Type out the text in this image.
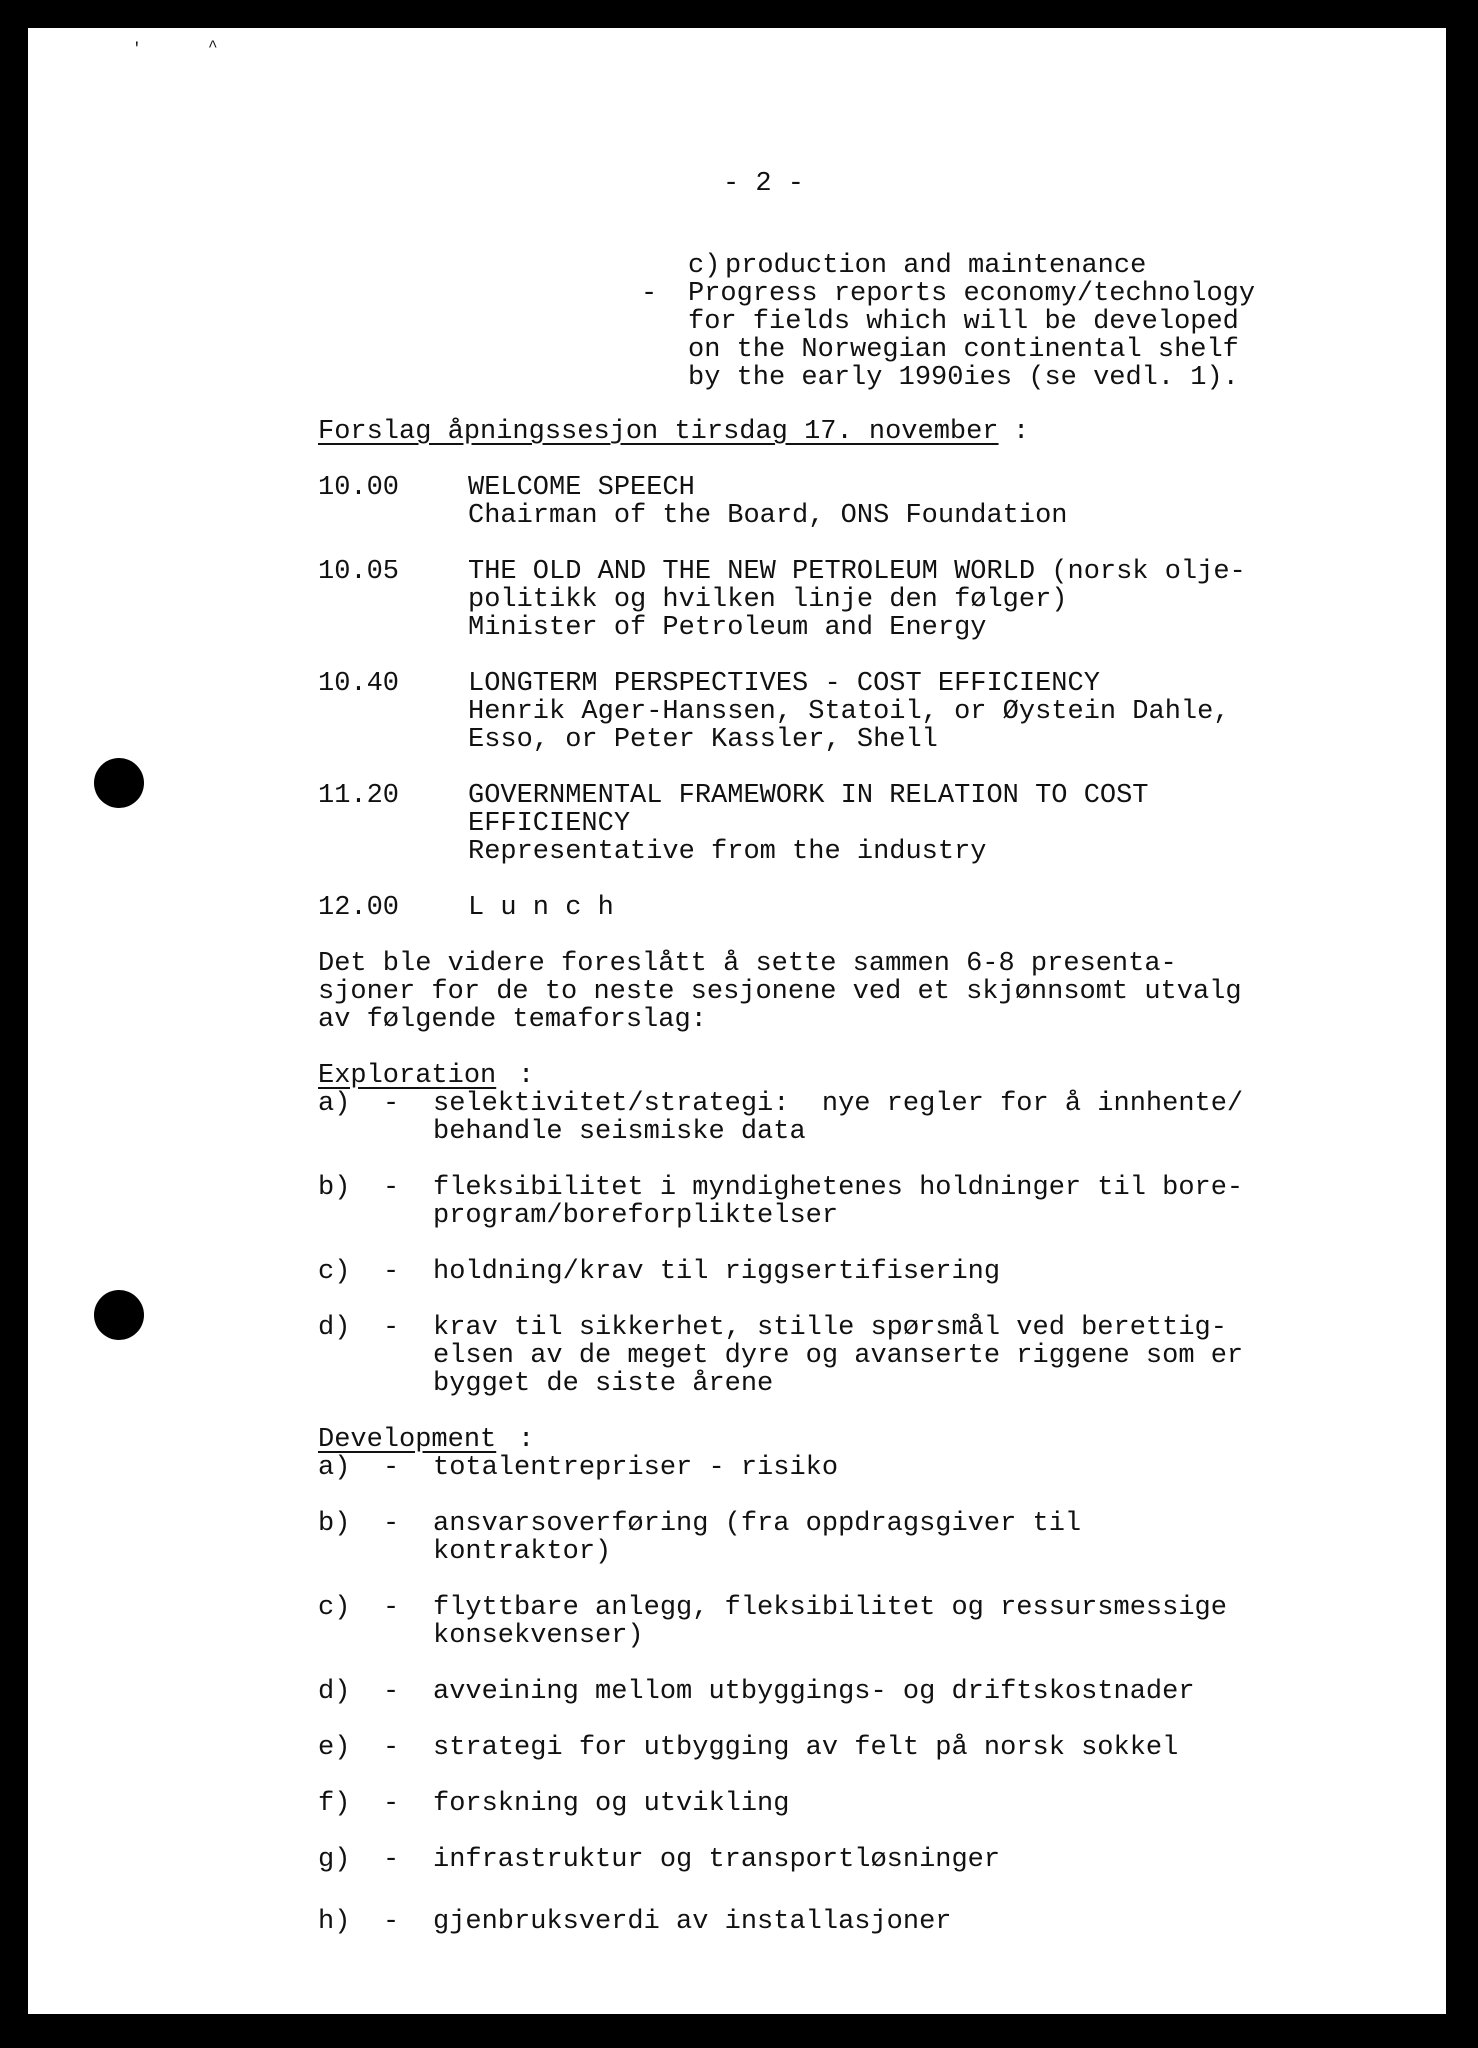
'	^
- 2 -
c) production and maintenance
- Progress reports economy/technology
for fields which will be developed
on the Norwegian continental shelf
by the early 1990ies (se vedl. 1).
Forslag åpningssesjon tirsdag 17. november :
10.00	WELCOME SPEECH
Chairman of the Board, ONS Foundation
10.05	THE OLD AND THE NEW PETROLEUM WORLD (norsk olje-
politikk og hvilken linje den følger)
Minister of Petroleum and Energy
10.40	LONGTERM PERSPECTIVES - COST EFFICIENCY
Henrik Ager-Hanssen, Statoil, or Øystein Dahle,
Esso, or Peter Kassler, Shell
11.20	GOVERNMENTAL FRAMEWORK IN RELATION TO COST
EFFICIENCY
Representative from the industry
12.00	L u n c h
Det ble videre foreslått å sette sammen 6-8 presenta-
sjoner for de to neste sesjonene ved et skjønnsomt utvalg
av følgende temaforslag:
Exploration :
a) - selektivitet/strategi:  nye regler for å innhente/
behandle seismiske data
b) - fleksibilitet i myndighetenes holdninger til bore-
program/boreforpliktelser
c) - holdning/krav til riggsertifisering
d) - krav til sikkerhet, stille spørsmål ved berettig-
elsen av de meget dyre og avanserte riggene som er
bygget de siste årene
Development :
a) - totalentrepriser - risiko
b) - ansvarsoverføring (fra oppdragsgiver til
kontraktor)
c) - flyttbare anlegg, fleksibilitet og ressursmessige
konsekvenser)
d) - avveining mellom utbyggings- og driftskostnader
e) - strategi for utbygging av felt på norsk sokkel
f) - forskning og utvikling
g) - infrastruktur og transportløsninger
h) - gjenbruksverdi av installasjoner
